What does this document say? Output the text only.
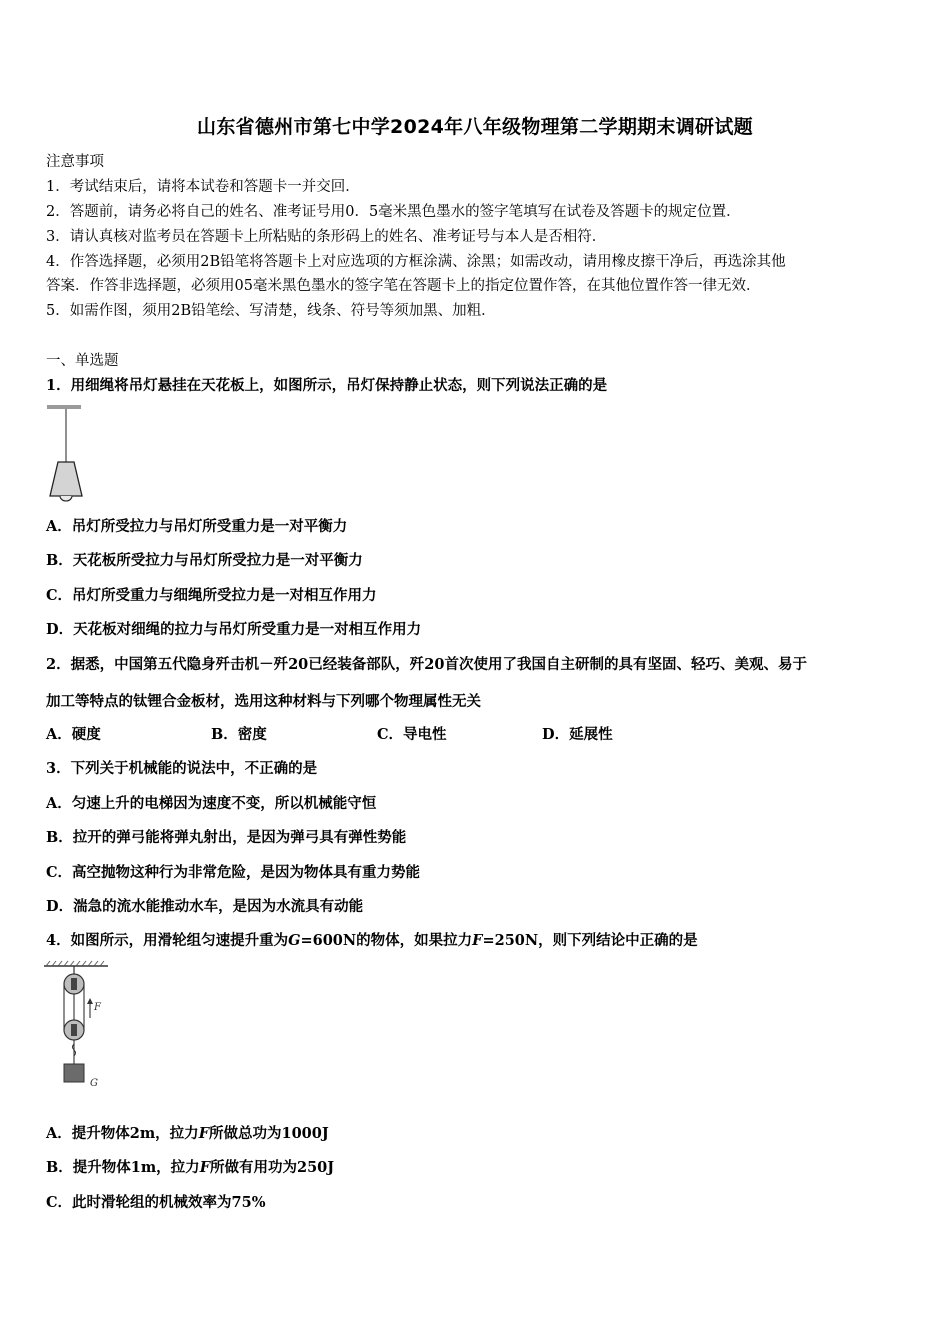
山东省德州市第七中学2024年八年级物理第二学期期末调研试题
注意事项
1．考试结束后，请将本试卷和答题卡一并交回．
2．答题前，请务必将自己的姓名、准考证号用0．5毫米黑色墨水的签字笔填写在试卷及答题卡的规定位置．
3．请认真核对监考员在答题卡上所粘贴的条形码上的姓名、准考证号与本人是否相符．
4．作答选择题，必须用2B铅笔将答题卡上对应选项的方框涂满、涂黑；如需改动，请用橡皮擦干净后，再选涂其他
答案．作答非选择题，必须用05毫米黑色墨水的签字笔在答题卡上的指定位置作答，在其他位置作答一律无效．
5．如需作图，须用2B铅笔绘、写清楚，线条、符号等须加黑、加粗．
一、单选题
1．用细绳将吊灯悬挂在天花板上，如图所示，吊灯保持静止状态，则下列说法正确的是
A．吊灯所受拉力与吊灯所受重力是一对平衡力
B．天花板所受拉力与吊灯所受拉力是一对平衡力
C．吊灯所受重力与细绳所受拉力是一对相互作用力
D．天花板对细绳的拉力与吊灯所受重力是一对相互作用力
2．据悉，中国第五代隐身歼击机－歼20已经装备部队，歼20首次使用了我国自主研制的具有坚固、轻巧、美观、易于
加工等特点的钛锂合金板材，选用这种材料与下列哪个物理属性无关
A．硬度	B．密度	C．导电性	D．延展性
3．下列关于机械能的说法中，不正确的是
A．匀速上升的电梯因为速度不变，所以机械能守恒
B．拉开的弹弓能将弹丸射出，是因为弹弓具有弹性势能
C．高空抛物这种行为非常危险，是因为物体具有重力势能
D．湍急的流水能推动水车，是因为水流具有动能
4．如图所示，用滑轮组匀速提升重为G=600N的物体，如果拉力F=250N，则下列结论中正确的是
F
G
A．提升物体2m，拉力F所做总功为1000J
B．提升物体1m，拉力F所做有用功为250J
C．此时滑轮组的机械效率为75%
